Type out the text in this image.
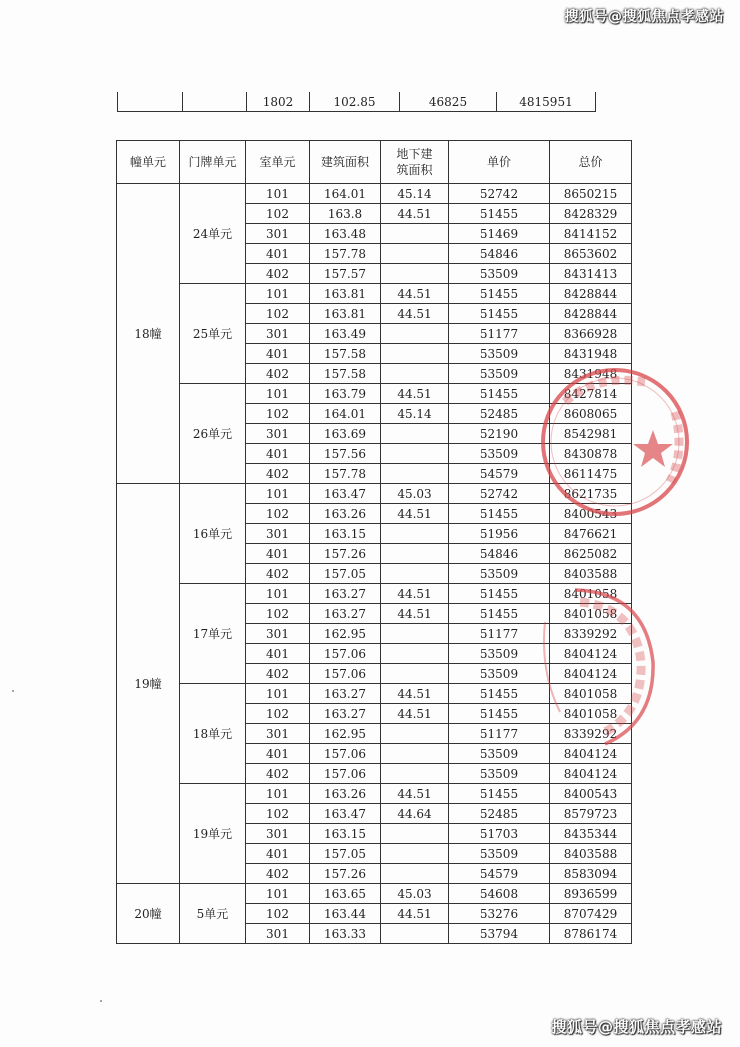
搜狐号@搜狐焦点孝感站
		1802	102.85	46825	4815951
幢单元	门牌单元	室单元	建筑面积	地下建筑面积	单价	总价
18幢	24单元	101	164.01	45.14	52742	8650215
		102	163.8	44.51	51455	8428329
		301	163.48		51469	8414152
		401	157.78		54846	8653602
		402	157.57		53509	8431413
	25单元	101	163.81	44.51	51455	8428844
		102	163.81	44.51	51455	8428844
		301	163.49		51177	8366928
		401	157.58		53509	8431948
		402	157.58		53509	8431948
	26单元	101	163.79	44.51	51455	8427814
		102	164.01	45.14	52485	8608065
		301	163.69		52190	8542981
		401	157.56		53509	8430878
		402	157.78		54579	8611475
19幢	16单元	101	163.47	45.03	52742	8621735
		102	163.26	44.51	51455	8400543
		301	163.15		51956	8476621
		401	157.26		54846	8625082
		402	157.05		53509	8403588
	17单元	101	163.27	44.51	51455	8401058
		102	163.27	44.51	51455	8401058
		301	162.95		51177	8339292
		401	157.06		53509	8404124
		402	157.06		53509	8404124
	18单元	101	163.27	44.51	51455	8401058
		102	163.27	44.51	51455	8401058
		301	162.95		51177	8339292
		401	157.06		53509	8404124
		402	157.06		53509	8404124
	19单元	101	163.26	44.51	51455	8400543
		102	163.47	44.64	52485	8579723
		301	163.15		51703	8435344
		401	157.05		53509	8403588
		402	157.26		54579	8583094
20幢	5单元	101	163.65	45.03	54608	8936599
		102	163.44	44.51	53276	8707429
		301	163.33		53794	8786174
搜狐号@搜狐焦点孝感站
